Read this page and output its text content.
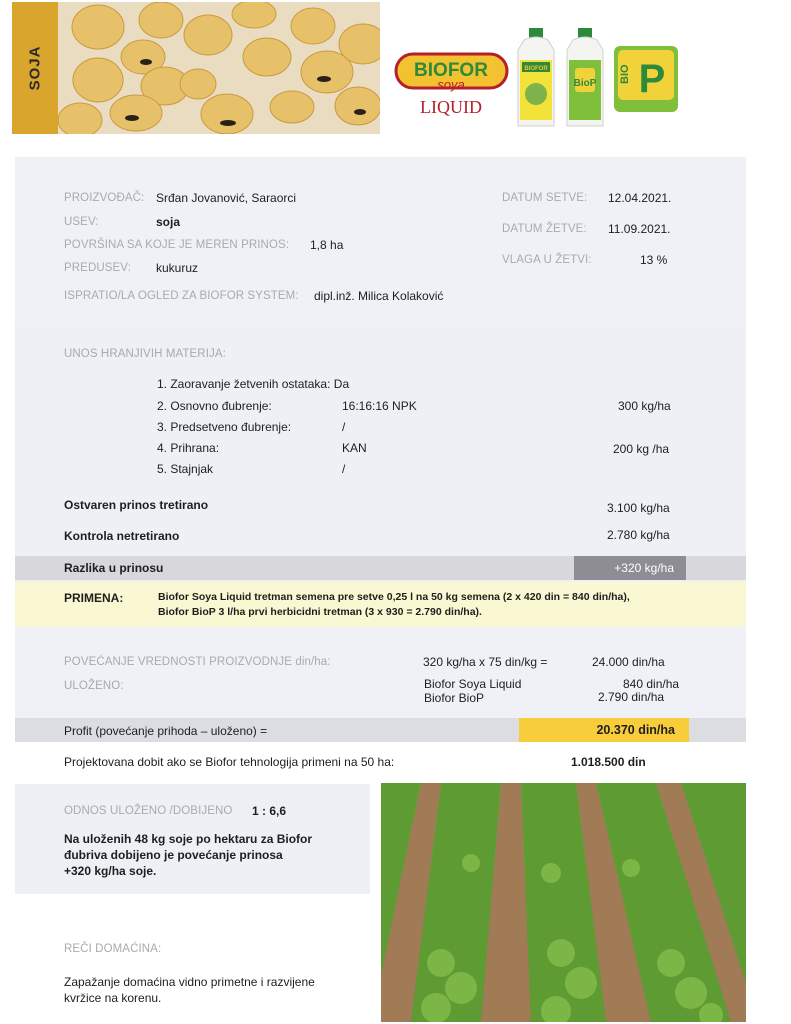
SOJA	BIOFOR
soya
LIQUID
BIOFOR
BioP BIO P
PROIZVOĐAČ: Srđan Jovanović, Saraorci
USEV:	soja
POVRŠINA SA KOJE JE MEREN PRINOS: 1,8 ha
PREDUSEV: kukuruz
ISPRATIO/LA OGLED ZA BIOFOR SYSTEM: dipl.inž. Milica Kolaković
DATUM SETVE: 12.04.2021.
DATUM ŽETVE: 11.09.2021.
VLAGA U ŽETVI:	13 %
UNOS HRANJIVIH MATERIJA:
1. Zaoravanje žetvenih ostataka: Da
2. Osnovno đubrenje:	16:16:16 NPK	300 kg/ha
3. Predsetveno đubrenje:	/
4. Prihrana:	KAN	200 kg /ha
5. Stajnjak	/
Ostvaren prinos tretirano	3.100 kg/ha
Kontrola netretirano	2.780 kg/ha
Razlika u prinosu	+320 kg/ha
PRIMENA:	Biofor Soya Liquid tretman semena pre setve 0,25 l na 50 kg semena (2 x 420 din = 840 din/ha),
Biofor BioP 3 l/ha prvi herbicidni tretman (3 x 930 = 2.790 din/ha).
POVEĆANJE VREDNOSTI PROIZVODNJE din/ha:	320 kg/ha x 75 din/kg =	24.000 din/ha
ULOŽENO:	Biofor Soya Liquid	840 din/ha
Biofor BioP	2.790 din/ha
Profit (povećanje prihoda – uloženo) =	20.370 din/ha
Projektovana dobit ako se Biofor tehnologija primeni na 50 ha:	1.018.500 din
ODNOS ULOŽENO /DOBIJENO 1 : 6,6
Na uloženih 48 kg soje po hektaru za Biofor
đubriva dobijeno je povećanje prinosa
+320 kg/ha soje.
REČI DOMAĆINA:
Zapažanje domaćina vidno primetne i razvijene
kvržice na korenu.
